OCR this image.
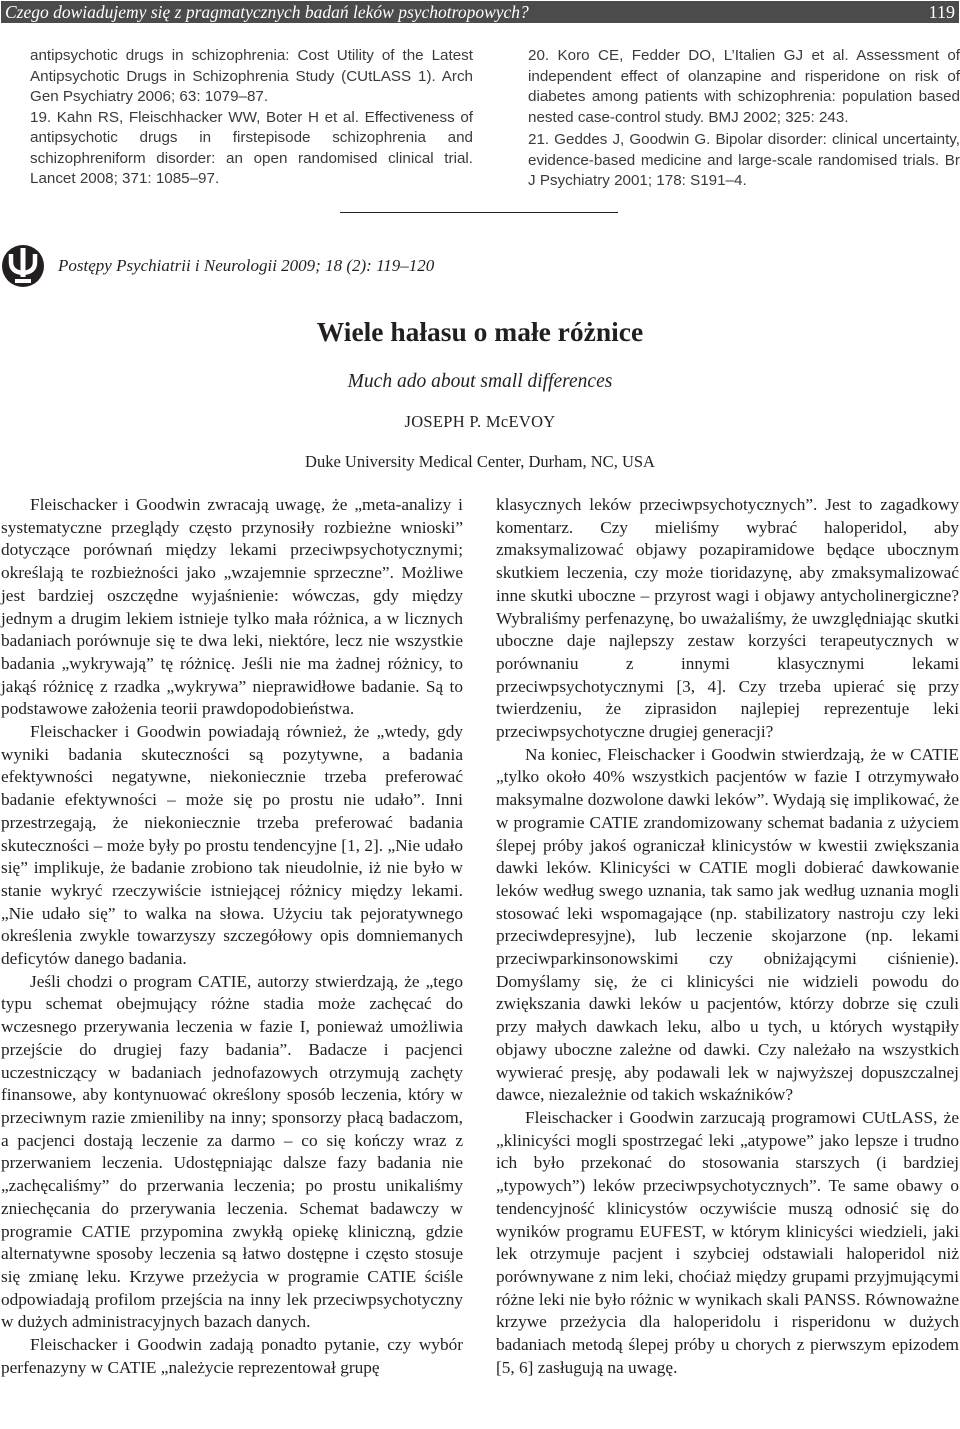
Czego dowiadujemy się z pragmatycznych badań leków psychotropowych?	119

antipsychotic drugs in schizophrenia: Cost Utility of the Latest Antipsychotic Drugs in Schizophrenia Study (CUtLASS 1). Arch Gen Psychiatry 2006; 63: 1079–87.

19. Kahn RS, Fleischhacker WW, Boter H et al. Effectiveness of antipsychotic drugs in firstepisode schizophrenia and schizophreniform disorder: an open randomised clinical trial. Lancet 2008; 371: 1085–97.

20. Koro CE, Fedder DO, L’Italien GJ et al. Assessment of independent effect of olanzapine and risperidone on risk of diabetes among patients with schizophrenia: population based nested case-control study. BMJ 2002; 325: 243.

21. Geddes J, Goodwin G. Bipolar disorder: clinical uncertainty, evidence-based medicine and large-scale randomised trials. Br J Psychiatry 2001; 178: S191–4.

Postępy Psychiatrii i Neurologii 2009; 18 (2): 119–120
Wiele hałasu o małe różnice
Much ado about small differences
JOSEPH P. McEVOY
Duke University Medical Center, Durham, NC, USA

Fleischacker i Goodwin zwracają uwagę, że „meta-analizy i systematyczne przeglądy często przynosiły rozbieżne wnioski” dotyczące porównań między lekami przeciwpsychotycznymi; określają te rozbieżności jako „wzajemnie sprzeczne”. Możliwe jest bardziej oszczędne wyjaśnienie: wówczas, gdy między jednym a drugim lekiem istnieje tylko mała różnica, a w licznych badaniach porównuje się te dwa leki, niektóre, lecz nie wszystkie badania „wykrywają” tę różnicę. Jeśli nie ma żadnej różnicy, to jakąś różnicę z rzadka „wykrywa” nieprawidłowe badanie. Są to podstawowe założenia teorii prawdopodobieństwa.

Fleischacker i Goodwin powiadają również, że „wtedy, gdy wyniki badania skuteczności są pozytywne, a badania efektywności negatywne, niekoniecznie trzeba preferować badanie efektywności – może się po prostu nie udało”. Inni przestrzegają, że niekoniecznie trzeba preferować badania skuteczności – może były po prostu tendencyjne [1, 2]. „Nie udało się” implikuje, że badanie zrobiono tak nieudolnie, iż nie było w stanie wykryć rzeczywiście istniejącej różnicy między lekami. „Nie udało się” to walka na słowa. Użyciu tak pejoratywnego określenia zwykle towarzyszy szczegółowy opis domniemanych deficytów danego badania.

Jeśli chodzi o program CATIE, autorzy stwierdzają, że „tego typu schemat obejmujący różne stadia może zachęcać do wczesnego przerywania leczenia w fazie I, ponieważ umożliwia przejście do drugiej fazy badania”. Badacze i pacjenci uczestniczący w badaniach jednofazowych otrzymują zachęty finansowe, aby kontynuować określony sposób leczenia, który w przeciwnym razie zmieniliby na inny; sponsorzy płacą badaczom, a pacjenci dostają leczenie za darmo – co się kończy wraz z przerwaniem leczenia. Udostępniając dalsze fazy badania nie „zachęcaliśmy” do przerwania leczenia; po prostu unikaliśmy zniechęcania do przerywania leczenia. Schemat badawczy w programie CATIE przypomina zwykłą opiekę kliniczną, gdzie alternatywne sposoby leczenia są łatwo dostępne i często stosuje się zmianę leku. Krzywe przeżycia w programie CATIE ściśle odpowiadają profilom przejścia na inny lek przeciwpsychotyczny w dużych administracyjnych bazach danych.

Fleischacker i Goodwin zadają ponadto pytanie, czy wybór perfenazyny w CATIE „należycie reprezentował grupę

klasycznych leków przeciwpsychotycznych”. Jest to zagadkowy komentarz. Czy mieliśmy wybrać haloperidol, aby zmaksymalizować objawy pozapiramidowe będące ubocznym skutkiem leczenia, czy może tioridazynę, aby zmaksymalizować inne skutki uboczne – przyrost wagi i objawy antycholinergiczne? Wybraliśmy perfenazynę, bo uważaliśmy, że uwzględniając skutki uboczne daje najlepszy zestaw korzyści terapeutycznych w porównaniu z innymi klasycznymi lekami przeciwpsychotycznymi [3, 4]. Czy trzeba upierać się przy twierdzeniu, że ziprasidon najlepiej reprezentuje leki przeciwpsychotyczne drugiej generacji?

Na koniec, Fleischacker i Goodwin stwierdzają, że w CATIE „tylko około 40% wszystkich pacjentów w fazie I otrzymywało maksymalne dozwolone dawki leków”. Wydają się implikować, że w programie CATIE zrandomizowany schemat badania z użyciem ślepej próby jakoś ograniczał klinicystów w kwestii zwiększania dawki leków. Klinicyści w CATIE mogli dobierać dawkowanie leków według swego uznania, tak samo jak według uznania mogli stosować leki wspomagające (np. stabilizatory nastroju czy leki przeciwdepresyjne), lub leczenie skojarzone (np. lekami przeciwparkinsonowskimi czy obniżającymi ciśnienie). Domyślamy się, że ci klinicyści nie widzieli powodu do zwiększania dawki leków u pacjentów, którzy dobrze się czuli przy małych dawkach leku, albo u tych, u których wystąpiły objawy uboczne zależne od dawki. Czy należało na wszystkich wywierać presję, aby podawali lek w najwyższej dopuszczalnej dawce, niezależnie od takich wskaźników?

Fleischacker i Goodwin zarzucają programowi CUtLASS, że „klinicyści mogli spostrzegać leki „atypowe” jako lepsze i trudno ich było przekonać do stosowania starszych (i bardziej „typowych”) leków przeciwpsychotycznych”. Te same obawy o tendencyjność klinicystów oczywiście muszą odnosić się do wyników programu EUFEST, w którym klinicyści wiedzieli, jaki lek otrzymuje pacjent i szybciej odstawiali haloperidol niż porównywane z nim leki, choćiaż między grupami przyjmującymi różne leki nie było różnic w wynikach skali PANSS. Równoważne krzywe przeżycia dla haloperidolu i risperidonu w dużych badaniach metodą ślepej próby u chorych z pierwszym epizodem [5, 6] zasługują na uwagę.
